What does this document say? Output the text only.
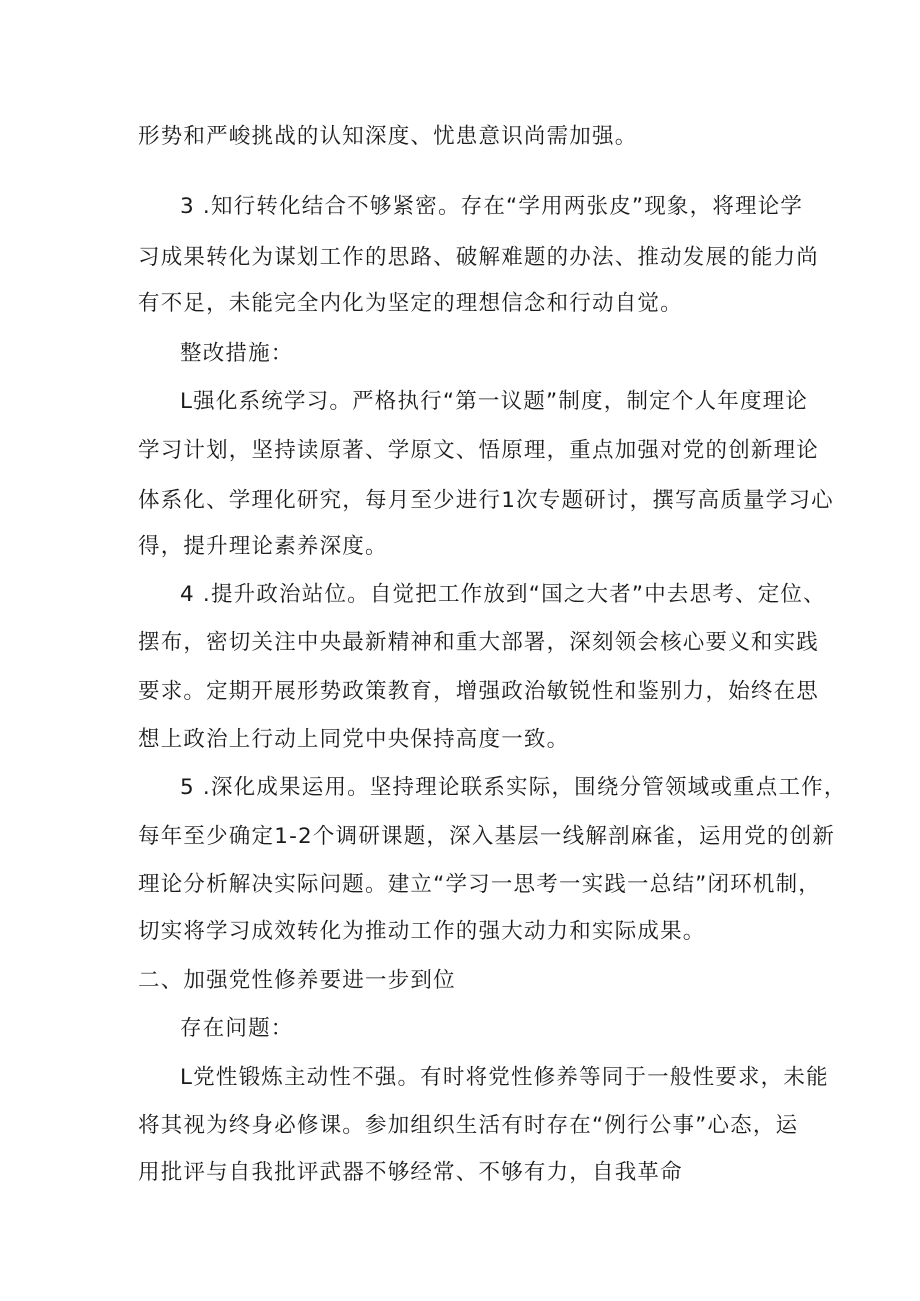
形势和严峻挑战的认知深度、忧患意识尚需加强。
3 .知行转化结合不够紧密。存在“学用两张皮”现象，将理论学
习成果转化为谋划工作的思路、破解难题的办法、推动发展的能力尚
有不足，未能完全内化为坚定的理想信念和行动自觉。
整改措施：
L强化系统学习。严格执行“第一议题”制度，制定个人年度理论
学习计划，坚持读原著、学原文、悟原理，重点加强对党的创新理论
体系化、学理化研究，每月至少进行1次专题研讨，撰写高质量学习心
得，提升理论素养深度。
4 .提升政治站位。自觉把工作放到“国之大者”中去思考、定位、
摆布，密切关注中央最新精神和重大部署，深刻领会核心要义和实践
要求。定期开展形势政策教育，增强政治敏锐性和鉴别力，始终在思
想上政治上行动上同党中央保持高度一致。
5 .深化成果运用。坚持理论联系实际，围绕分管领域或重点工作，
每年至少确定1-2个调研课题，深入基层一线解剖麻雀，运用党的创新
理论分析解决实际问题。建立“学习一思考一实践一总结”闭环机制，
切实将学习成效转化为推动工作的强大动力和实际成果。
二、加强党性修养要进一步到位
存在问题：
L党性锻炼主动性不强。有时将党性修养等同于一般性要求，未能
将其视为终身必修课。参加组织生活有时存在“例行公事”心态，运
用批评与自我批评武器不够经常、不够有力，自我革命
